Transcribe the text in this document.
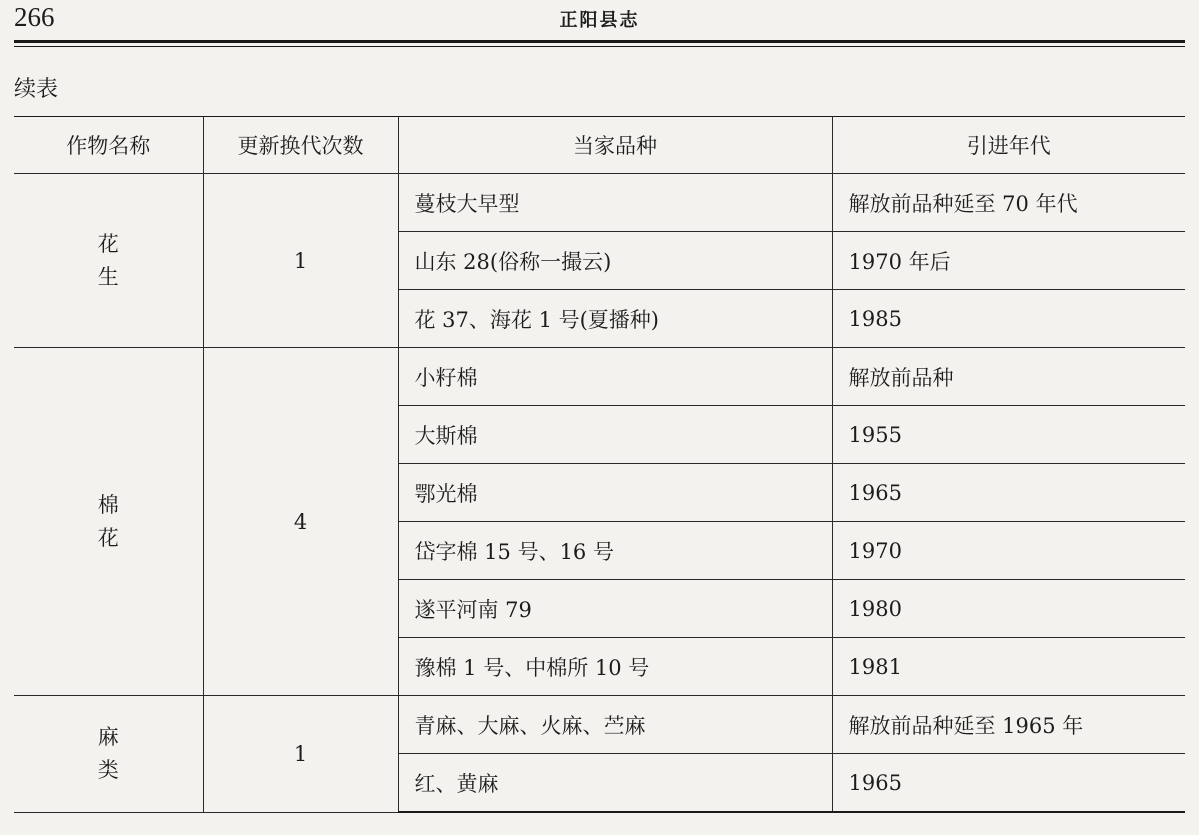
266	正阳县志
续表
作物名称	更新换代次数	当家品种	引进年代
花生	1	蔓枝大早型	解放前品种延至 70 年代
		山东 28(俗称一撮云)	1970 年后
		花 37、海花 1 号(夏播种)	1985
棉花	4	小籽棉	解放前品种
		大斯棉	1955
		鄂光棉	1965
		岱字棉 15 号、16 号	1970
		遂平河南 79	1980
		豫棉 1 号、中棉所 10 号	1981
麻类	1	青麻、大麻、火麻、苎麻	解放前品种延至 1965 年
		红、黄麻	1965
